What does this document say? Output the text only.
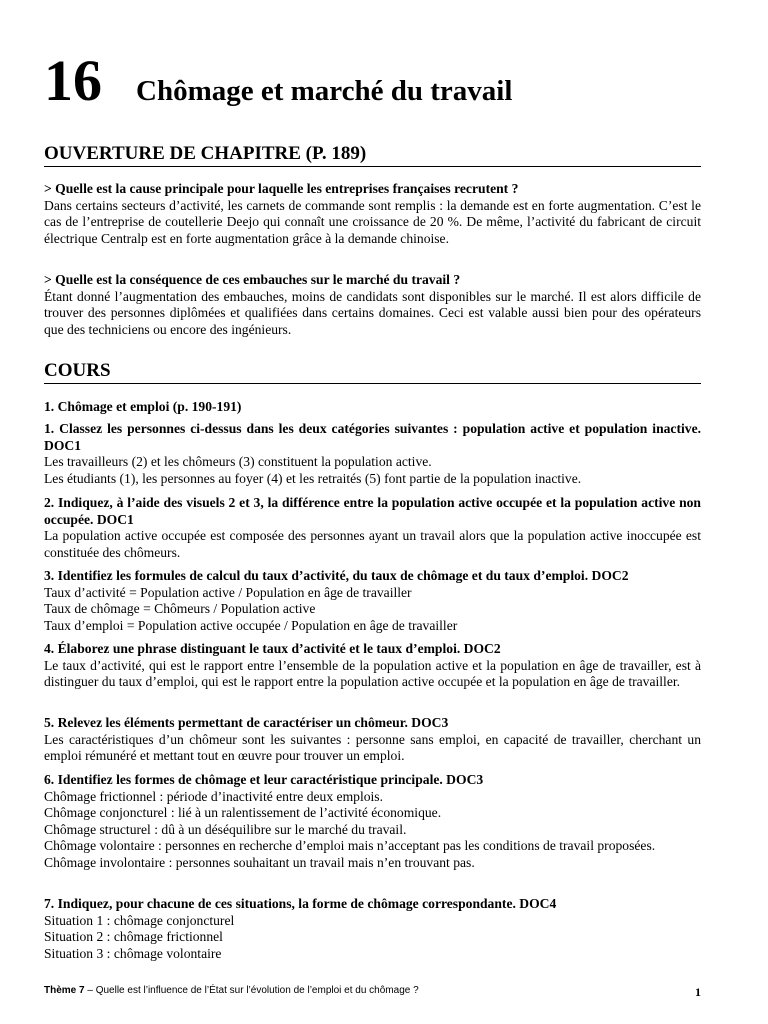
16	Chômage et marché du travail
OUVERTURE DE CHAPITRE (P. 189)
> Quelle est la cause principale pour laquelle les entreprises françaises recrutent ?
Dans certains secteurs d’activité, les carnets de commande sont remplis : la demande est en forte augmentation. C’est le cas de l’entreprise de coutellerie Deejo qui connaît une croissance de 20 %. De même, l’activité du fabricant de circuit électrique Centralp est en forte augmentation grâce à la demande chinoise.
> Quelle est la conséquence de ces embauches sur le marché du travail ?
Étant donné l’augmentation des embauches, moins de candidats sont disponibles sur le marché. Il est alors difficile de trouver des personnes diplômées et qualifiées dans certains domaines. Ceci est valable aussi bien pour des opérateurs que des techniciens ou encore des ingénieurs.
COURS
1. Chômage et emploi (p. 190-191)
1. Classez les personnes ci-dessus dans les deux catégories suivantes : population active et population inactive. DOC1
Les travailleurs (2) et les chômeurs (3) constituent la population active.
Les étudiants (1), les personnes au foyer (4) et les retraités (5) font partie de la population inactive.
2. Indiquez, à l’aide des visuels 2 et 3, la différence entre la population active occupée et la population active non occupée. DOC1
La population active occupée est composée des personnes ayant un travail alors que la population active inoccupée est constituée des chômeurs.
3. Identifiez les formules de calcul du taux d’activité, du taux de chômage et du taux d’emploi. DOC2
Taux d’activité = Population active / Population en âge de travailler
Taux de chômage = Chômeurs / Population active
Taux d’emploi = Population active occupée / Population en âge de travailler
4. Élaborez une phrase distinguant le taux d’activité et le taux d’emploi. DOC2
Le taux d’activité, qui est le rapport entre l’ensemble de la population active et la population en âge de travailler, est à distinguer du taux d’emploi, qui est le rapport entre la population active occupée et la population en âge de travailler.
5. Relevez les éléments permettant de caractériser un chômeur. DOC3
Les caractéristiques d’un chômeur sont les suivantes : personne sans emploi, en capacité de travailler, cherchant un emploi rémunéré et mettant tout en œuvre pour trouver un emploi.
6. Identifiez les formes de chômage et leur caractéristique principale. DOC3
Chômage frictionnel : période d’inactivité entre deux emplois.
Chômage conjoncturel : lié à un ralentissement de l’activité économique.
Chômage structurel : dû à un déséquilibre sur le marché du travail.
Chômage volontaire : personnes en recherche d’emploi mais n’acceptant pas les conditions de travail proposées.
Chômage involontaire : personnes souhaitant un travail mais n’en trouvant pas.
7. Indiquez, pour chacune de ces situations, la forme de chômage correspondante. DOC4
Situation 1 : chômage conjoncturel
Situation 2 : chômage frictionnel
Situation 3 : chômage volontaire
Thème 7 – Quelle est l’influence de l’État sur l’évolution de l’emploi et du chômage ?	1
